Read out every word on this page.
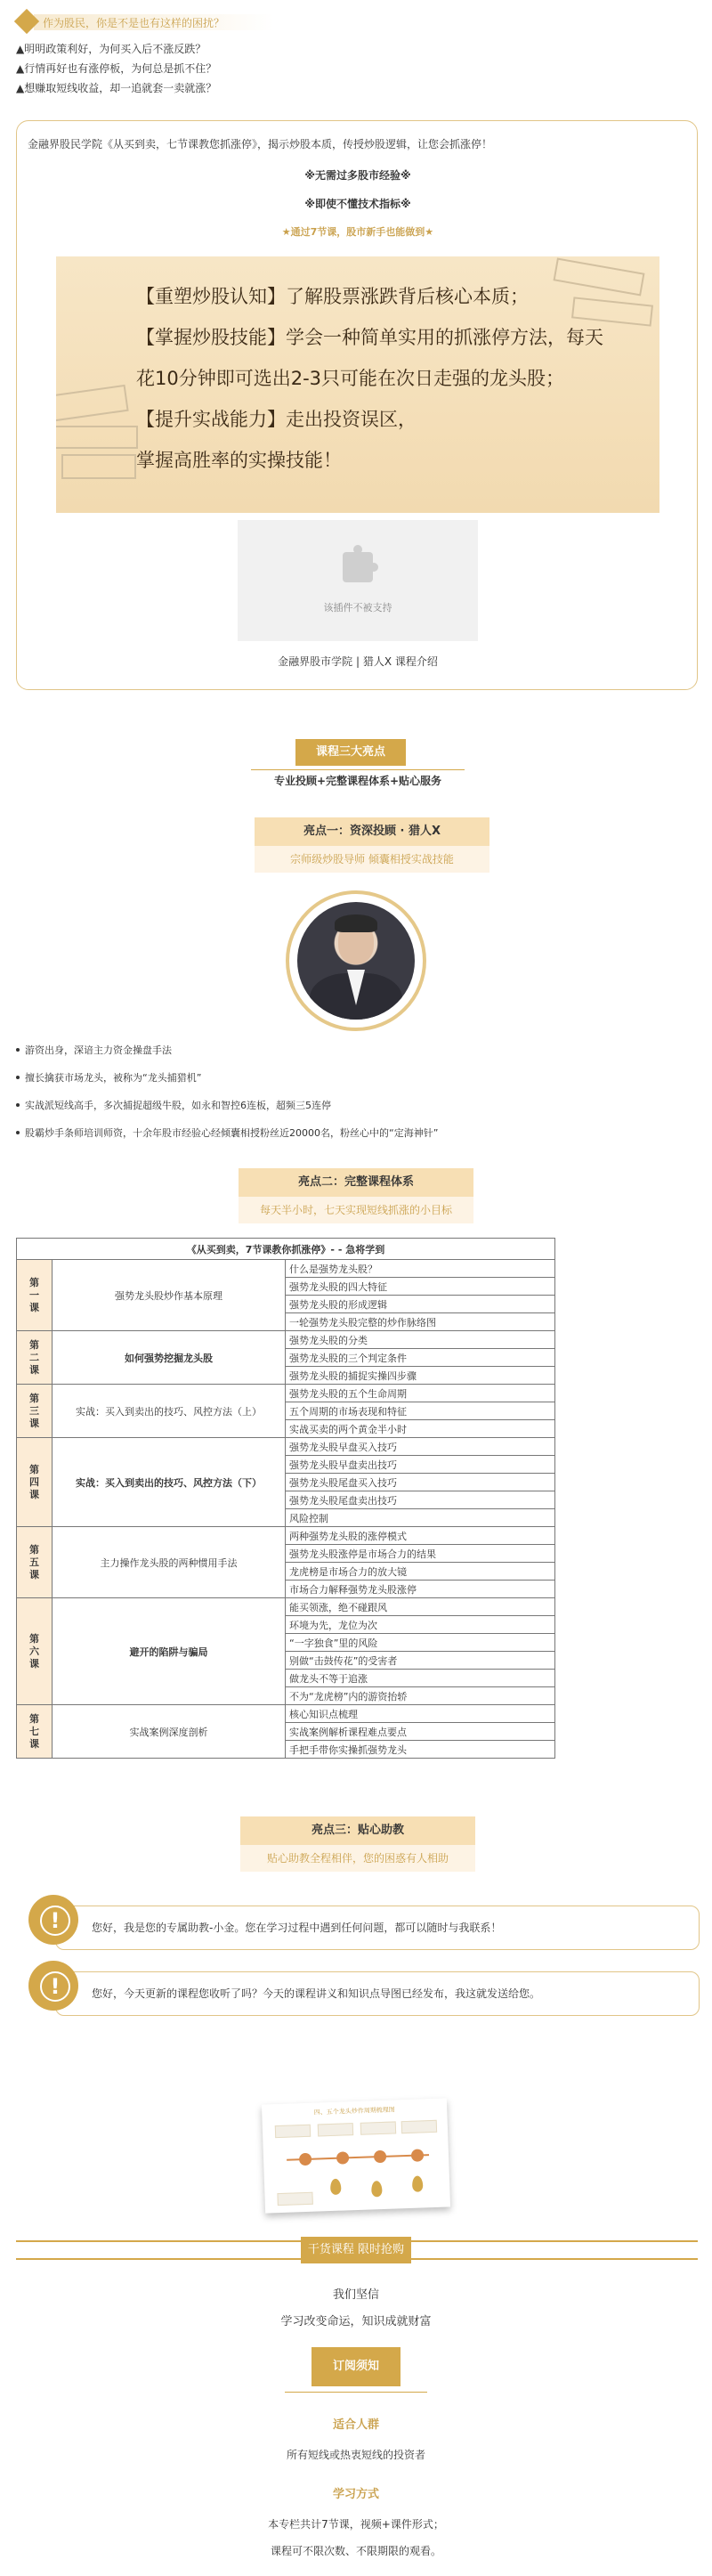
作为股民，你是不是也有这样的困扰？
▲明明政策利好，为何买入后不涨反跌？
▲行情再好也有涨停板，为何总是抓不住？
▲想赚取短线收益，却一追就套一卖就涨？
金融界股民学院《从买到卖，七节课教您抓涨停》，揭示炒股本质，传授炒股逻辑，让您会抓涨停！
※无需过多股市经验※
※即使不懂技术指标※
★通过7节课，股市新手也能做到★
【重塑炒股认知】了解股票涨跌背后核心本质；
【掌握炒股技能】学会一种简单实用的抓涨停方法，每天
花10分钟即可选出2-3只可能在次日走强的龙头股；
【提升实战能力】走出投资误区，
掌握高胜率的实操技能！
该插件不被支持
金融界股市学院 | 猎人X 课程介绍
课程三大亮点
专业投顾+完整课程体系+贴心服务
亮点一：资深投顾 · 猎人X
宗师级炒股导师 倾囊相授实战技能
游资出身，深谙主力资金操盘手法
擅长擒获市场龙头，被称为“龙头捕猎机”
实战派短线高手，多次捕捉超级牛股，如永和智控6连板，超频三5连停
股霸炒手条师培训师资，十余年股市经验心经倾囊相授粉丝近20000名，粉丝心中的“定海神针”
亮点二：完整课程体系
每天半小时，七天实现短线抓涨的小目标
《从买到卖，7节课教你抓涨停》- - 急将学到		
第
一
课	强势龙头股炒作基本原理	什么是强势龙头股？
		强势龙头股的四大特征
		强势龙头股的形成逻辑
		一轮强势龙头股完整的炒作脉络图
第
二
课	如何强势挖掘龙头股	强势龙头股的分类
		强势龙头股的三个判定条件
		强势龙头股的捕捉实操四步骤
第
三
课	实战：买入到卖出的技巧、风控方法（上）	强势龙头股的五个生命周期
		五个周期的市场表现和特征
		实战买卖的两个黄金半小时
第
四
课	实战：买入到卖出的技巧、风控方法（下）	强势龙头股早盘买入技巧
		强势龙头股早盘卖出技巧
		强势龙头股尾盘买入技巧
		强势龙头股尾盘卖出技巧
		风险控制
第
五
课	主力操作龙头股的两种惯用手法	两种强势龙头股的涨停模式
		强势龙头股涨停是市场合力的结果
		龙虎榜是市场合力的放大镜
		市场合力解释强势龙头股涨停
第
六
课	避开的陷阱与骗局	能买领涨，绝不碰跟风
		环境为先，龙位为次
		“一字独食”里的风险
		别做“击鼓传花”的受害者
		做龙头不等于追涨
		不为“龙虎榜”内的游资抬轿
第
七
课	实战案例深度剖析	核心知识点梳理
		实战案例解析课程难点要点
		手把手带你实操抓强势龙头
亮点三：贴心助教
贴心助教全程相伴，您的困惑有人相助
您好，我是您的专属助教-小金。您在学习过程中遇到任何问题，都可以随时与我联系！
!
您好，今天更新的课程您收听了吗？今天的课程讲义和知识点导图已经发布，我这就发送给您。
!
四、五个龙头炒作周期梳理图
干货课程 限时抢购
我们坚信
学习改变命运，知识成就财富
订阅须知
适合人群
所有短线或热衷短线的投资者
学习方式
本专栏共计7节课，视频+课件形式；
课程可不限次数、不限期限的观看。
